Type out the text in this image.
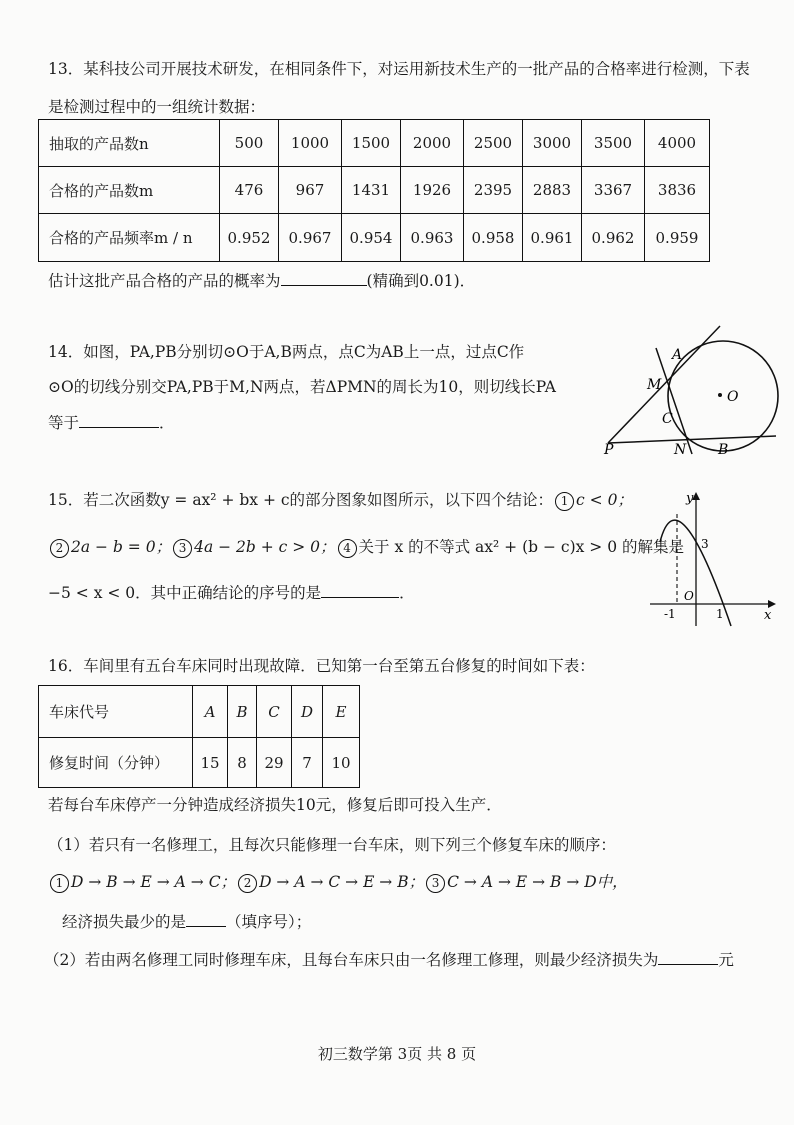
13．某科技公司开展技术研发，在相同条件下，对运用新技术生产的一批产品的合格率进行检测，下表
是检测过程中的一组统计数据：
抽取的产品数n	500	1000	1500	2000	2500	3000	3500	4000
合格的产品数m	476	967	1431	1926	2395	2883	3367	3836
合格的产品频率m / n	0.952	0.967	0.954	0.963	0.958	0.961	0.962	0.959
估计这批产品合格的产品的概率为	(精确到0.01)．
14．如图，PA,PB分别切⊙O于A,B两点，点C为AB上一点，过点C作
⊙O的切线分别交PA,PB于M,N两点，若ΔPMN的周长为10，则切线长PA
等于	．
A
M
O
C
P	N B
15．若二次函数y = ax² + bx + c的部分图象如图所示，以下四个结论： 1 c < 0；
2 2a − b = 0； 3 4a − 2b + c > 0； 4 关于 x 的不等式 ax² + (b − c)x > 0 的解集是
−5 < x < 0．其中正确结论的序号的是	．
y
x
3
O
-1	1
16．车间里有五台车床同时出现故障．已知第一台至第五台修复的时间如下表：
车床代号	A	B	C	D	E
修复时间（分钟）	15	8	29	7	10
若每台车床停产一分钟造成经济损失10元，修复后即可投入生产．
（1）若只有一名修理工，且每次只能修理一台车床，则下列三个修复车床的顺序：
1 D → B → E → A → C； 2 D → A → C → E → B； 3 C → A → E → B → D中，
经济损失最少的是	（填序号）；
（2）若由两名修理工同时修理车床，且每台车床只由一名修理工修理，则最少经济损失为	元
初三数学第 3页 共 8 页
